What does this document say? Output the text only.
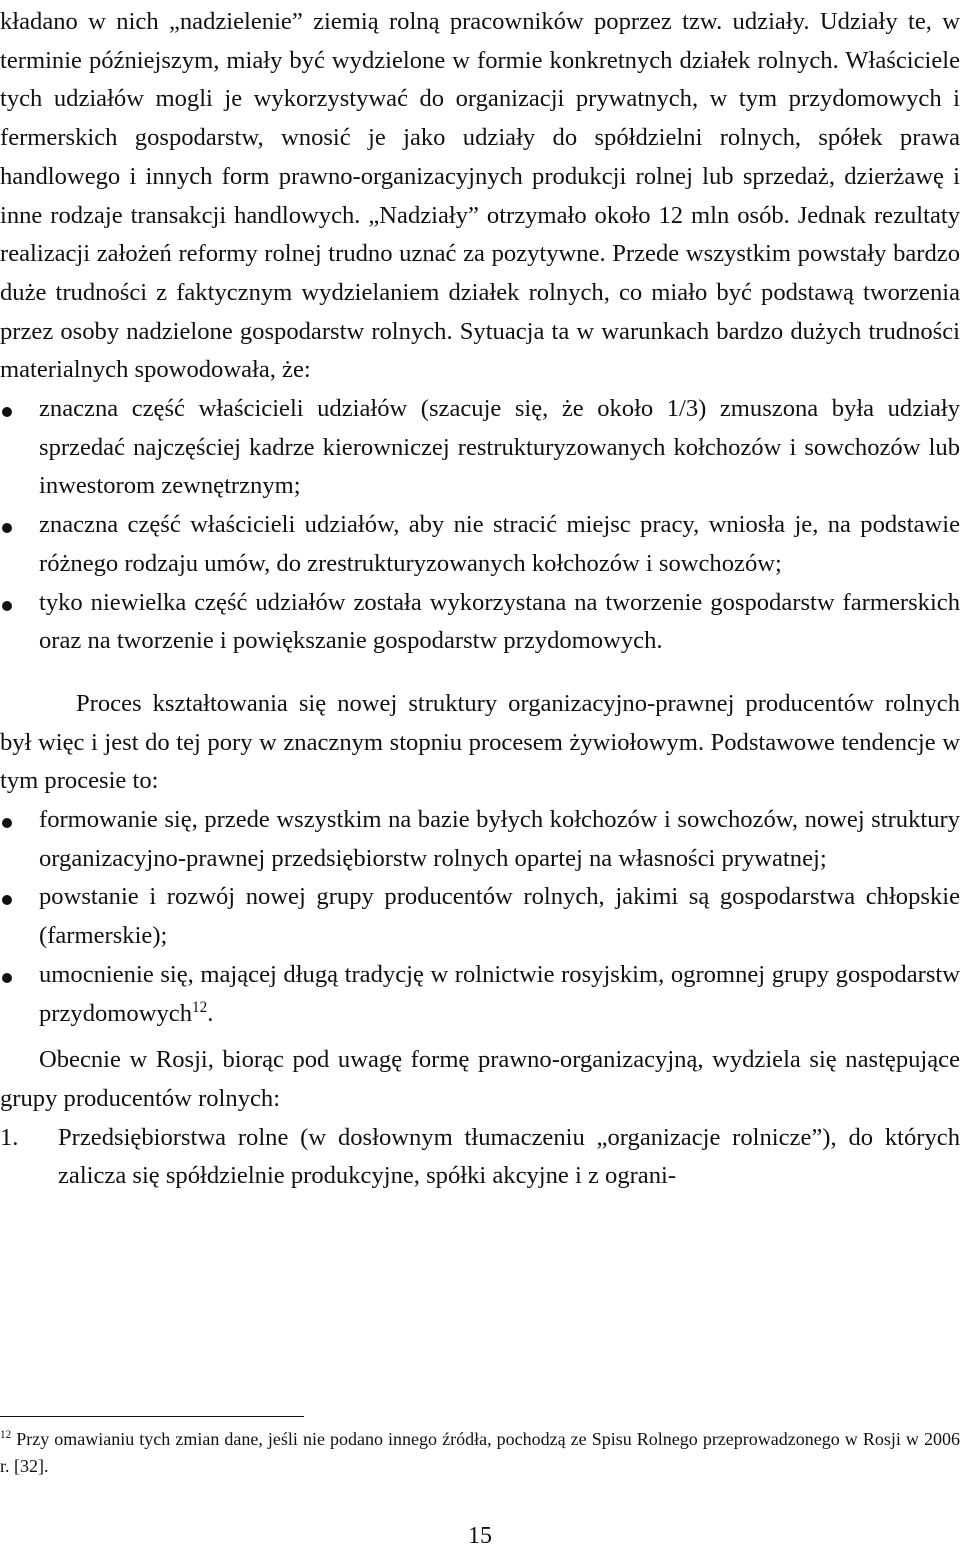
kładano w nich „nadzielenie” ziemią rolną pracowników poprzez tzw. udziały. Udziały te, w terminie późniejszym, miały być wydzielone w formie konkretnych działek rolnych. Właściciele tych udziałów mogli je wykorzystywać do organizacji prywatnych, w tym przydomowych i fermerskich gospodarstw, wnosić je jako udziały do spółdzielni rolnych, spółek prawa handlowego i innych form prawno-organizacyjnych produkcji rolnej lub sprzedaż, dzierżawę i inne rodzaje transakcji handlowych. „Nadziały” otrzymało około 12 mln osób. Jednak rezultaty realizacji założeń reformy rolnej trudno uznać za pozytywne. Przede wszystkim powstały bardzo duże trudności z faktycznym wydzielaniem działek rolnych, co miało być podstawą tworzenia przez osoby nadzielone gospodarstw rolnych. Sytuacja ta w warunkach bardzo dużych trudności materialnych spowodowała, że:

znaczna część właścicieli udziałów (szacuje się, że około 1/3) zmuszona była udziały sprzedać najczęściej kadrze kierowniczej restrukturyzowanych kołchozów i sowchozów lub inwestorom zewnętrznym;
znaczna część właścicieli udziałów, aby nie stracić miejsc pracy, wniosła je, na podstawie różnego rodzaju umów, do zrestrukturyzowanych kołchozów i sowchozów;
tyko niewielka część udziałów została wykorzystana na tworzenie gospodarstw farmerskich oraz na tworzenie i powiększanie gospodarstw przydomowych.

Proces kształtowania się nowej struktury organizacyjno-prawnej producentów rolnych był więc i jest do tej pory w znacznym stopniu procesem żywiołowym. Podstawowe tendencje w tym procesie to:

formowanie się, przede wszystkim na bazie byłych kołchozów i sowchozów, nowej struktury organizacyjno-prawnej przedsiębiorstw rolnych opartej na własności prywatnej;
powstanie i rozwój nowej grupy producentów rolnych, jakimi są gospodarstwa chłopskie (farmerskie);
umocnienie się, mającej długą tradycję w rolnictwie rosyjskim, ogromnej grupy gospodarstw przydomowych$^{12}$.

Obecnie w Rosji, biorąc pod uwagę formę prawno-organizacyjną, wydziela się następujące grupy producentów rolnych:

1. Przedsiębiorstwa rolne (w dosłownym tłumaczeniu „organizacje rolnicze”), do których zalicza się spółdzielnie produkcyjne, spółki akcyjne i z ograni-

$^{12}$ Przy omawianiu tych zmian dane, jeśli nie podano innego źródła, pochodzą ze Spisu Rolnego przeprowadzonego w Rosji w 2006 r. [32].

15
